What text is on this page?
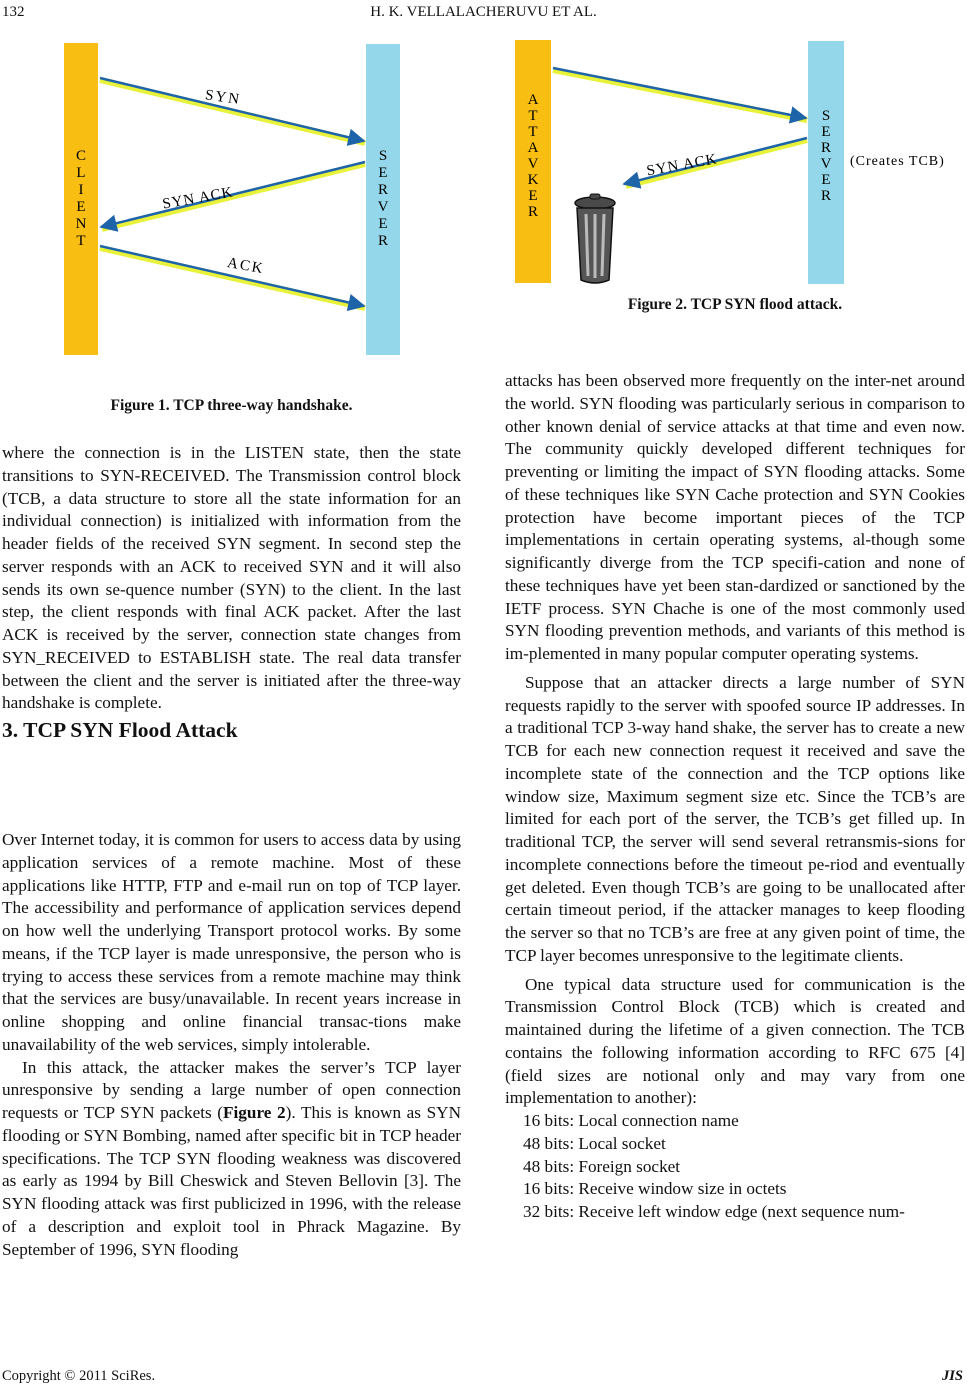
132	H. K. VELLALACHERUVU ET AL.
SYN
SYN ACK
ACK
C L I E N T
S E R V E R
Figure 1. TCP three-way handshake.
SYN ACK	(Creates TCB)
A T T A V K E R
S E R V E R
Figure 2. TCP SYN flood attack.

where the connection is in the LISTEN state, then the state transitions to SYN-RECEIVED. The Transmission control block (TCB, a data structure to store all the state information for an individual connection) is initialized with information from the header fields of the received SYN segment. In second step the server responds with an ACK to received SYN and it will also sends its own se-quence number (SYN) to the client. In the last step, the client responds with final ACK packet. After the last ACK is received by the server, connection state changes from SYN_RECEIVED to ESTABLISH state. The real data transfer between the client and the server is initiated after the three-way handshake is complete.

3. TCP SYN Flood Attack

Over Internet today, it is common for users to access data by using application services of a remote machine. Most of these applications like HTTP, FTP and e-mail run on top of TCP layer. The accessibility and performance of application services depend on how well the underlying Transport protocol works. By some means, if the TCP layer is made unresponsive, the person who is trying to access these services from a remote machine may think that the services are busy/unavailable. In recent years increase in online shopping and online financial transac-tions make unavailability of the web services, simply intolerable.

In this attack, the attacker makes the server’s TCP layer unresponsive by sending a large number of open connection requests or TCP SYN packets (Figure 2). This is known as SYN flooding or SYN Bombing, named after specific bit in TCP header specifications. The TCP SYN flooding weakness was discovered as early as 1994 by Bill Cheswick and Steven Bellovin [3]. The SYN flooding attack was first publicized in 1996, with the release of a description and exploit tool in Phrack Magazine. By September of 1996, SYN flooding

attacks has been observed more frequently on the inter-net around the world. SYN flooding was particularly serious in comparison to other known denial of service attacks at that time and even now. The community quickly developed different techniques for preventing or limiting the impact of SYN flooding attacks. Some of these techniques like SYN Cache protection and SYN Cookies protection have become important pieces of the TCP implementations in certain operating systems, al-though some significantly diverge from the TCP specifi-cation and none of these techniques have yet been stan-dardized or sanctioned by the IETF process. SYN Chache is one of the most commonly used SYN flooding prevention methods, and variants of this method is im-plemented in many popular computer operating systems.

Suppose that an attacker directs a large number of SYN requests rapidly to the server with spoofed source IP addresses. In a traditional TCP 3-way hand shake, the server has to create a new TCB for each new connection request it received and save the incomplete state of the connection and the TCP options like window size, Maximum segment size etc. Since the TCB’s are limited for each port of the server, the TCB’s get filled up. In traditional TCP, the server will send several retransmis-sions for incomplete connections before the timeout pe-riod and eventually get deleted. Even though TCB’s are going to be unallocated after certain timeout period, if the attacker manages to keep flooding the server so that no TCB’s are free at any given point of time, the TCP layer becomes unresponsive to the legitimate clients.

One typical data structure used for communication is the Transmission Control Block (TCB) which is created and maintained during the lifetime of a given connection. The TCB contains the following information according to RFC 675 [4] (field sizes are notional only and may vary from one implementation to another):

16 bits: Local connection name
48 bits: Local socket
48 bits: Foreign socket
16 bits: Receive window size in octets
32 bits: Receive left window edge (next sequence num-
Copyright © 2011 SciRes.	JIS
